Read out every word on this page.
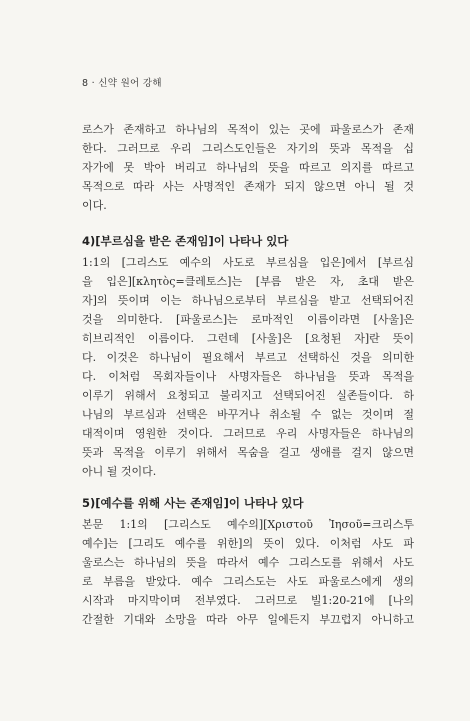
8 · 신약 원어 강해
로스가 존재하고 하나님의 목적이 있는 곳에 파울로스가 존재
한다. 그러므로 우리 그리스도인들은 자기의 뜻과 목적을 십
자가에 못 박아 버리고 하나님의 뜻을 따르고 의지를 따르고
목적으로 따라 사는 사명적인 존재가 되지 않으면 아니 될 것
이다.
4)[부르심을 받은 존재임]이 나타나 있다
1:1의 [그리스도 예수의 사도로 부르심을 입은]에서 [부르심
을 입은][κλητὸς=클레토스]는 [부름 받은 자, 초대 받은
자]의 뜻이며 이는 하나님으로부터 부르심을 받고 선택되어진
것을 의미한다. [파울로스]는 로마적인 이름이라면 [사울]은
히브리적인 이름이다. 그런데 [사울]은 [요청된 자]란 뜻이
다. 이것은 하나님이 필요해서 부르고 선택하신 것을 의미한
다. 이처럼 목회자들이나 사명자들은 하나님을 뜻과 목적을
이루기 위해서 요청되고 불리지고 선택되어진 실존들이다. 하
나님의 부르심과 선택은 바꾸거나 취소될 수 없는 것이며 절
대적이며 영원한 것이다. 그러므로 우리 사명자들은 하나님의
뜻과 목적을 이루기 위해서 목숨을 걸고 생애를 걸지 않으면
아니 될 것이다.
5)[예수를 위해 사는 존재임]이 나타나 있다
본문 1:1의 [그리스도 예수의][Χριστοῦ Ἰησοῦ=크리스투
예수]는 [그리도 예수를 위한]의 뜻이 있다. 이처럼 사도 파
울로스는 하나님의 뜻을 따라서 예수 그리스도를 위해서 사도
로 부름을 받았다. 예수 그리스도는 사도 파울로스에게 생의
시작과 마지막이며 전부였다. 그러므로 빌1:20-21에 [나의
간절한 기대와 소망을 따라 아무 일에든지 부끄럽지 아니하고
